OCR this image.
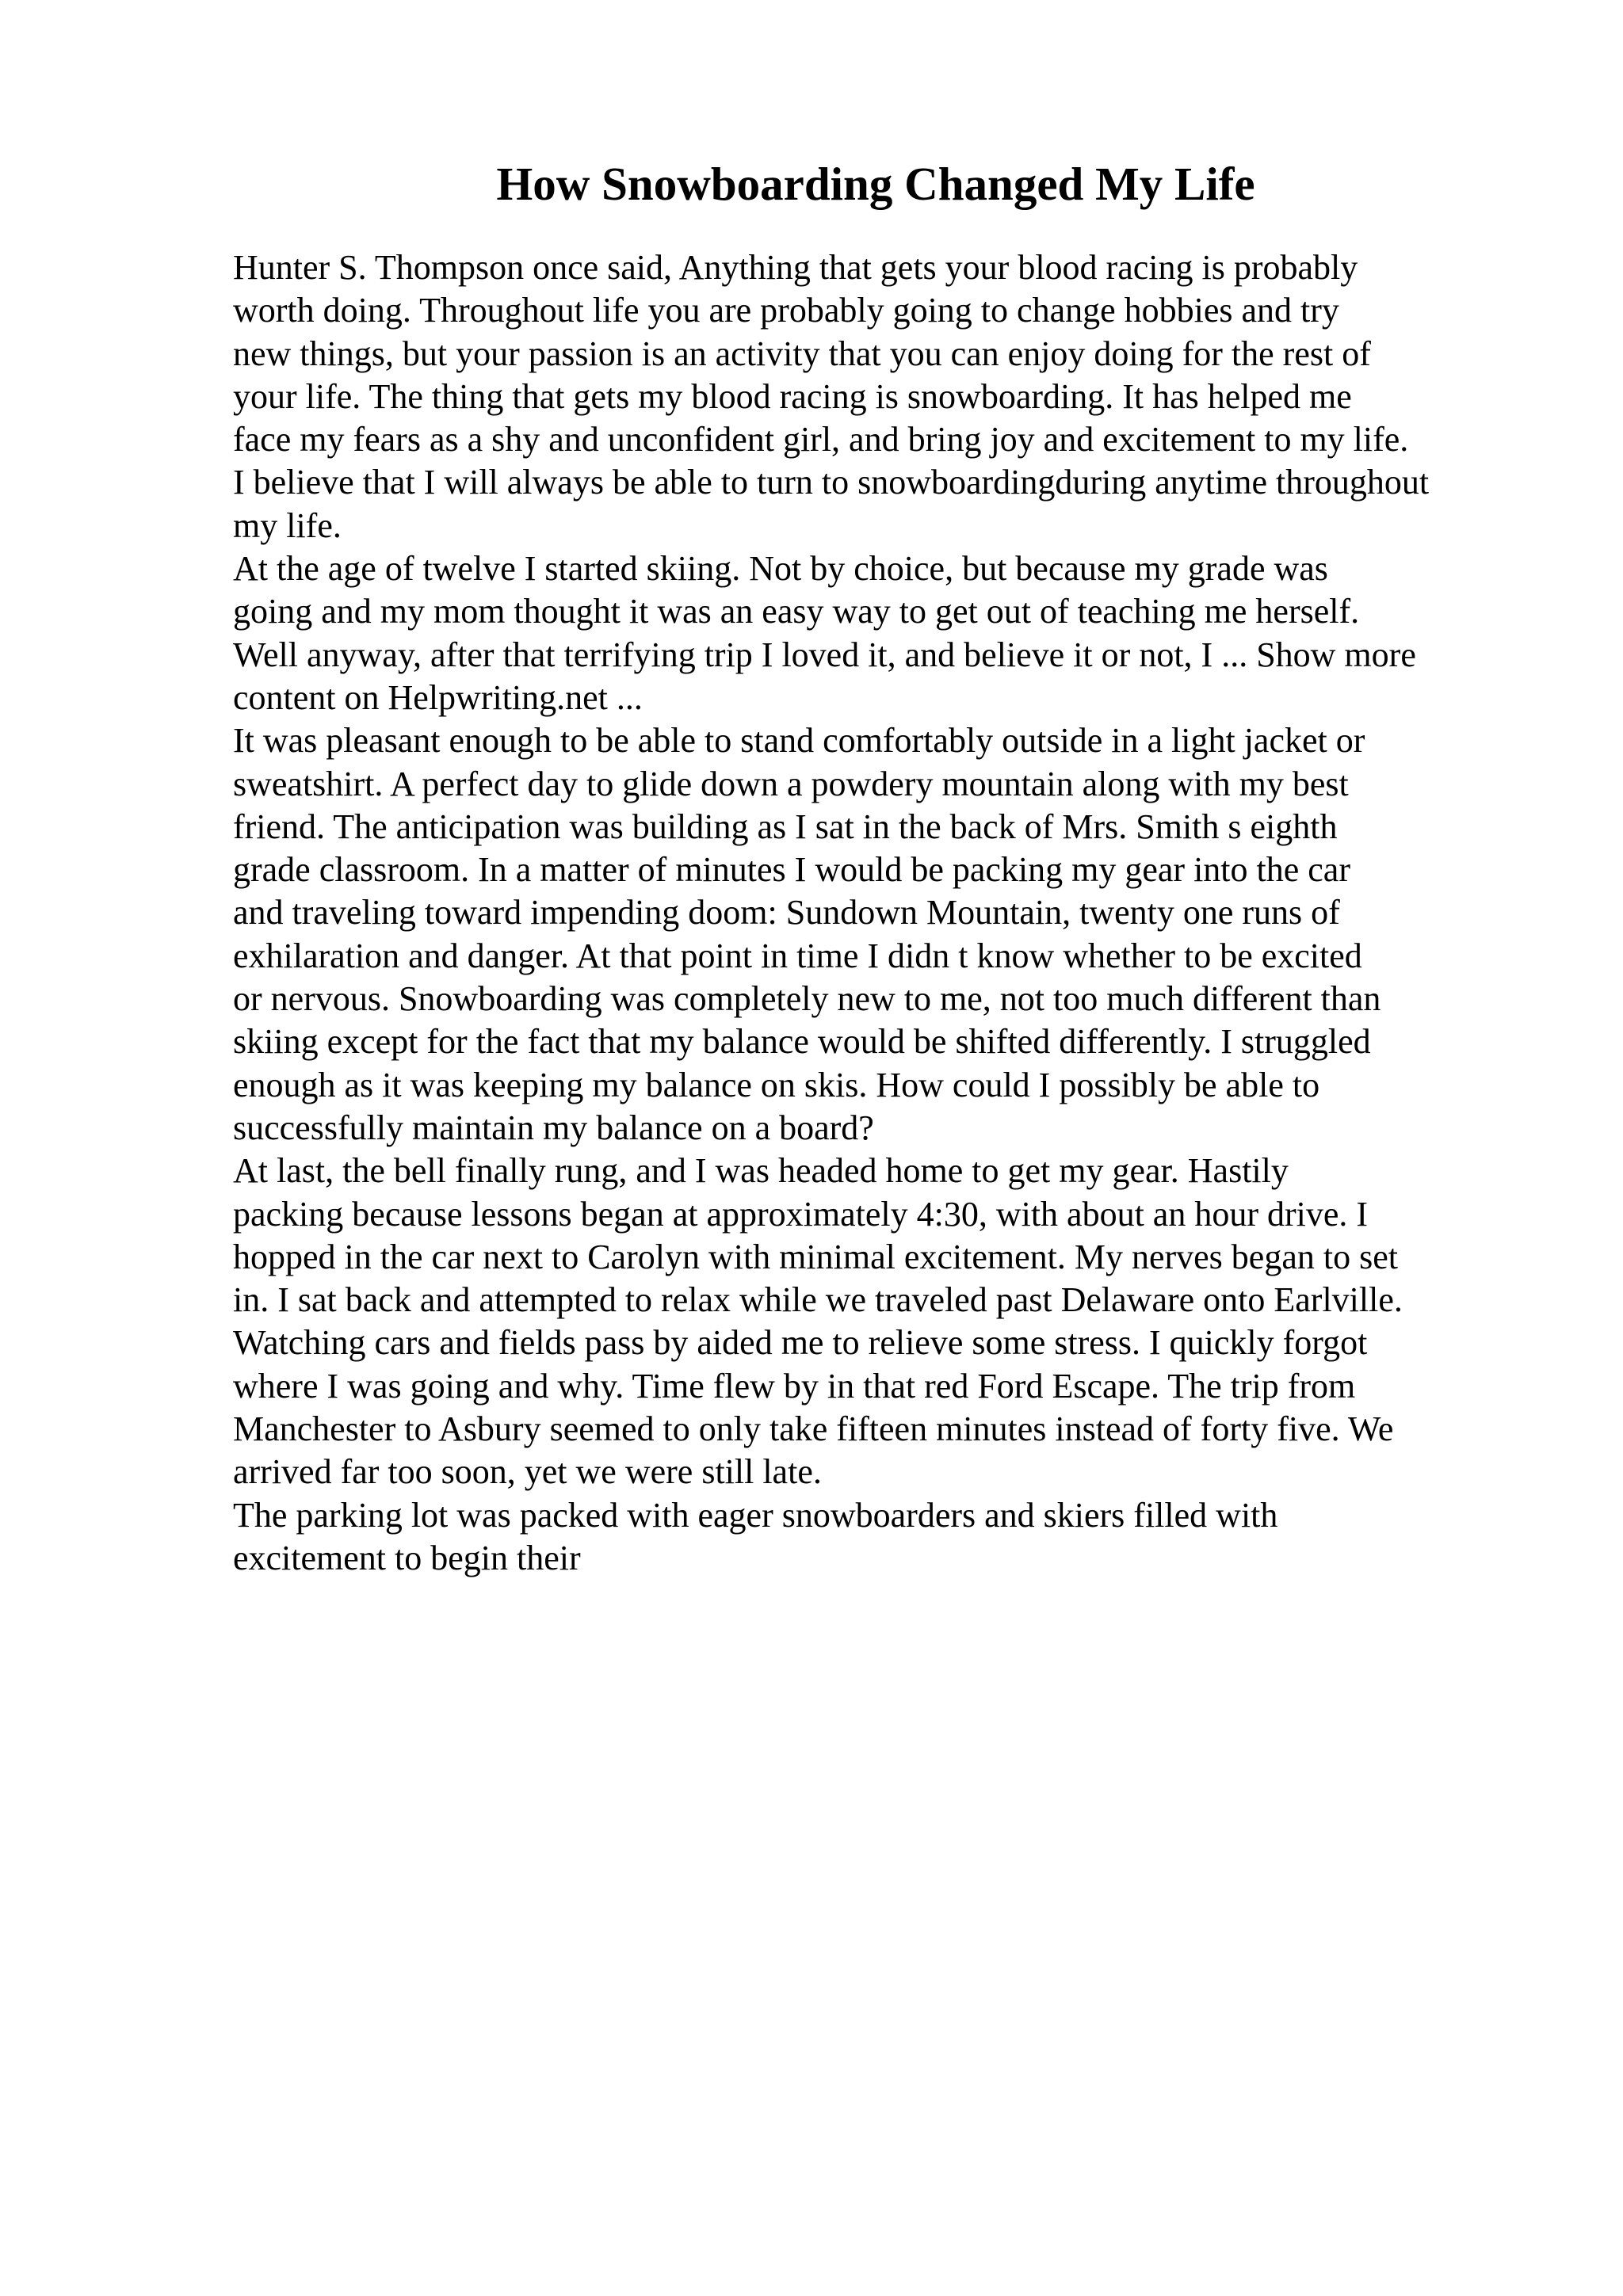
How Snowboarding Changed My Life
Hunter S. Thompson once said, Anything that gets your blood racing is probably
worth doing. Throughout life you are probably going to change hobbies and try
new things, but your passion is an activity that you can enjoy doing for the rest of
your life. The thing that gets my blood racing is snowboarding. It has helped me
face my fears as a shy and unconfident girl, and bring joy and excitement to my life.
I believe that I will always be able to turn to snowboardingduring anytime throughout
my life.
At the age of twelve I started skiing. Not by choice, but because my grade was
going and my mom thought it was an easy way to get out of teaching me herself.
Well anyway, after that terrifying trip I loved it, and believe it or not, I ... Show more
content on Helpwriting.net ...
It was pleasant enough to be able to stand comfortably outside in a light jacket or
sweatshirt. A perfect day to glide down a powdery mountain along with my best
friend. The anticipation was building as I sat in the back of Mrs. Smith s eighth
grade classroom. In a matter of minutes I would be packing my gear into the car
and traveling toward impending doom: Sundown Mountain, twenty one runs of
exhilaration and danger. At that point in time I didn t know whether to be excited
or nervous. Snowboarding was completely new to me, not too much different than
skiing except for the fact that my balance would be shifted differently. I struggled
enough as it was keeping my balance on skis. How could I possibly be able to
successfully maintain my balance on a board?
At last, the bell finally rung, and I was headed home to get my gear. Hastily
packing because lessons began at approximately 4:30, with about an hour drive. I
hopped in the car next to Carolyn with minimal excitement. My nerves began to set
in. I sat back and attempted to relax while we traveled past Delaware onto Earlville.
Watching cars and fields pass by aided me to relieve some stress. I quickly forgot
where I was going and why. Time flew by in that red Ford Escape. The trip from
Manchester to Asbury seemed to only take fifteen minutes instead of forty five. We
arrived far too soon, yet we were still late.
The parking lot was packed with eager snowboarders and skiers filled with
excitement to begin their
